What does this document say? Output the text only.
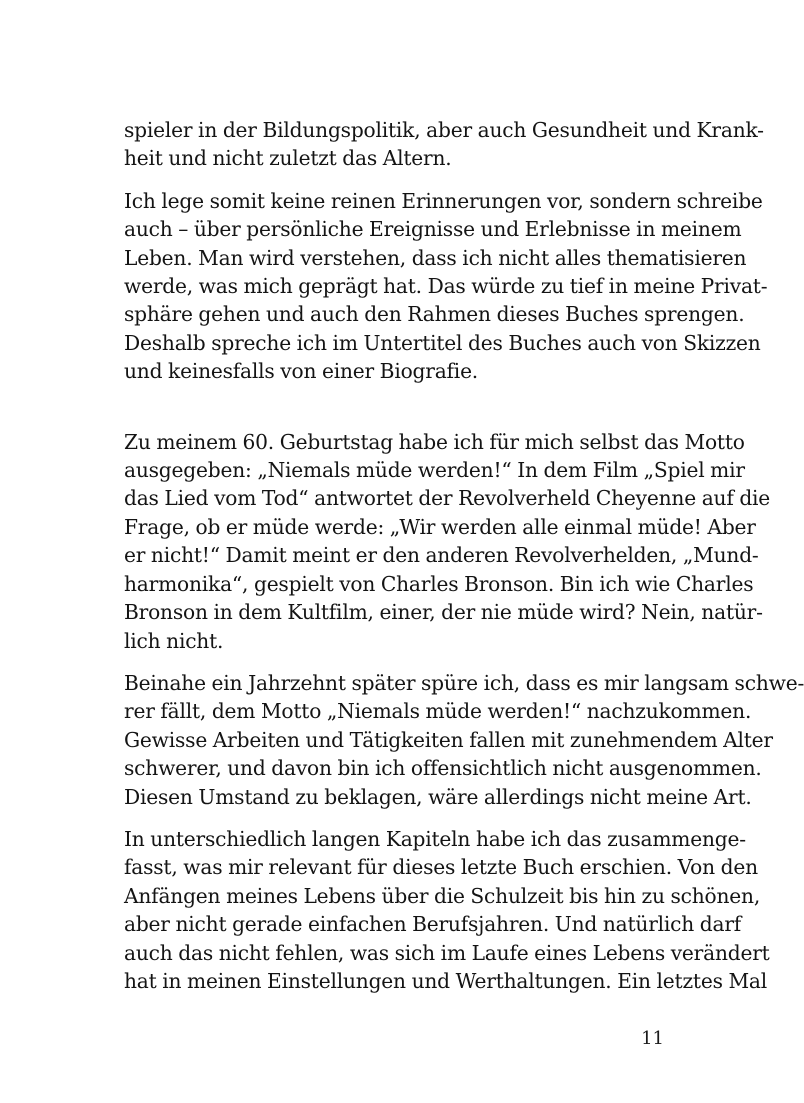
spieler in der Bildungspolitik, aber auch Gesundheit und Krank-
heit und nicht zuletzt das Altern.

Ich lege somit keine reinen Erinnerungen vor, sondern schreibe
auch – über persönliche Ereignisse und Erlebnisse in meinem
Leben. Man wird verstehen, dass ich nicht alles thematisieren
werde, was mich geprägt hat. Das würde zu tief in meine Privat-
sphäre gehen und auch den Rahmen dieses Buches sprengen.
Deshalb spreche ich im Untertitel des Buches auch von Skizzen
und keinesfalls von einer Biografie.

Zu meinem 60. Geburtstag habe ich für mich selbst das Motto
ausgegeben: „Niemals müde werden!“ In dem Film „Spiel mir
das Lied vom Tod“ antwortet der Revolverheld Cheyenne auf die
Frage, ob er müde werde: „Wir werden alle einmal müde! Aber
er nicht!“ Damit meint er den anderen Revolverhelden, „Mund-
harmonika“, gespielt von Charles Bronson. Bin ich wie Charles
Bronson in dem Kultfilm, einer, der nie müde wird? Nein, natür-
lich nicht.

Beinahe ein Jahrzehnt später spüre ich, dass es mir langsam schwe-
rer fällt, dem Motto „Niemals müde werden!“ nachzukommen.
Gewisse Arbeiten und Tätigkeiten fallen mit zunehmendem Alter
schwerer, und davon bin ich offensichtlich nicht ausgenommen.
Diesen Umstand zu beklagen, wäre allerdings nicht meine Art.

In unterschiedlich langen Kapiteln habe ich das zusammenge-
fasst, was mir relevant für dieses letzte Buch erschien. Von den
Anfängen meines Lebens über die Schulzeit bis hin zu schönen,
aber nicht gerade einfachen Berufsjahren. Und natürlich darf
auch das nicht fehlen, was sich im Laufe eines Lebens verändert
hat in meinen Einstellungen und Werthaltungen. Ein letztes Mal

11
